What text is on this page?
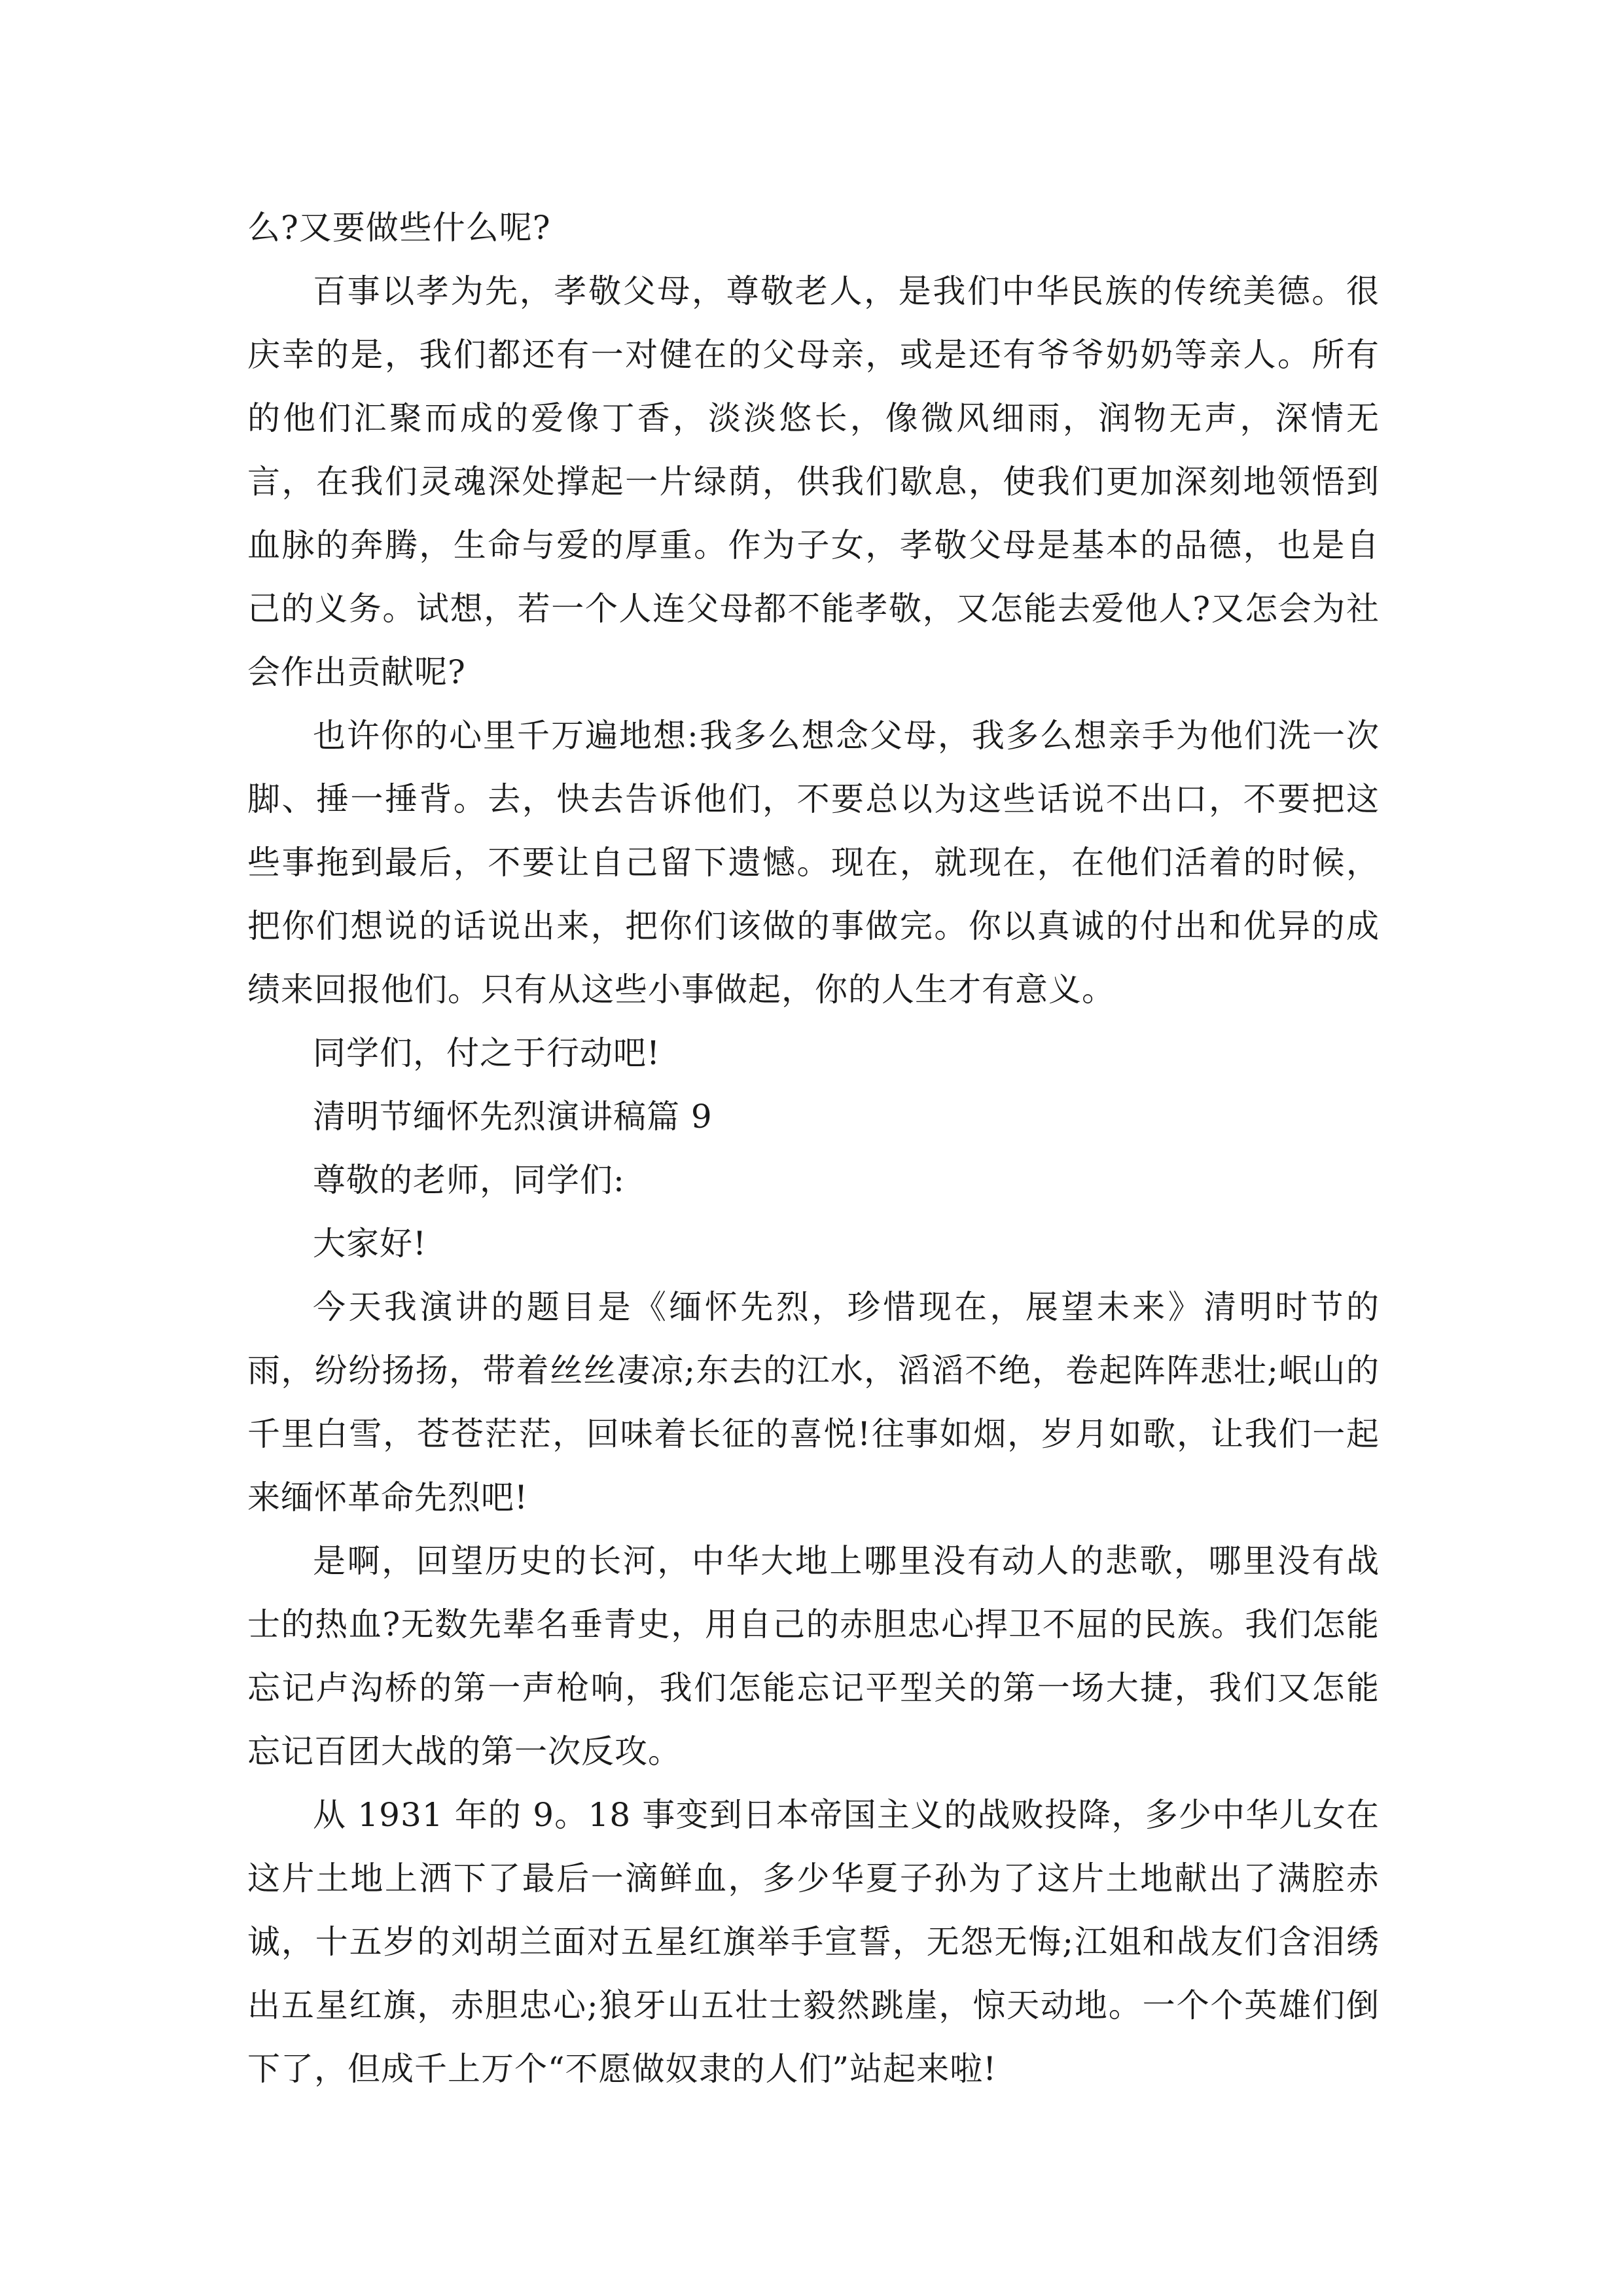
么?又要做些什么呢?

百事以孝为先，孝敬父母，尊敬老人，是我们中华民族的传统美德。很庆幸的是，我们都还有一对健在的父母亲，或是还有爷爷奶奶等亲人。所有的他们汇聚而成的爱像丁香，淡淡悠长，像微风细雨，润物无声，深情无言，在我们灵魂深处撑起一片绿荫，供我们歇息，使我们更加深刻地领悟到血脉的奔腾，生命与爱的厚重。作为子女，孝敬父母是基本的品德，也是自己的义务。试想，若一个人连父母都不能孝敬，又怎能去爱他人?又怎会为社会作出贡献呢?

也许你的心里千万遍地想:我多么想念父母，我多么想亲手为他们洗一次脚、捶一捶背。去，快去告诉他们，不要总以为这些话说不出口，不要把这些事拖到最后，不要让自己留下遗憾。现在，就现在，在他们活着的时候，把你们想说的话说出来，把你们该做的事做完。你以真诚的付出和优异的成绩来回报他们。只有从这些小事做起，你的人生才有意义。

同学们，付之于行动吧!

清明节缅怀先烈演讲稿篇 9

尊敬的老师，同学们:

大家好!

今天我演讲的题目是《缅怀先烈，珍惜现在，展望未来》清明时节的雨，纷纷扬扬，带着丝丝凄凉;东去的江水，滔滔不绝，卷起阵阵悲壮;岷山的千里白雪，苍苍茫茫，回味着长征的喜悦!往事如烟，岁月如歌，让我们一起来缅怀革命先烈吧!

是啊，回望历史的长河，中华大地上哪里没有动人的悲歌，哪里没有战士的热血?无数先辈名垂青史，用自己的赤胆忠心捍卫不屈的民族。我们怎能忘记卢沟桥的第一声枪响，我们怎能忘记平型关的第一场大捷，我们又怎能忘记百团大战的第一次反攻。

从 1931 年的 9。18 事变到日本帝国主义的战败投降，多少中华儿女在这片土地上洒下了最后一滴鲜血，多少华夏子孙为了这片土地献出了满腔赤诚，十五岁的刘胡兰面对五星红旗举手宣誓，无怨无悔;江姐和战友们含泪绣出五星红旗，赤胆忠心;狼牙山五壮士毅然跳崖，惊天动地。一个个英雄们倒下了，但成千上万个“不愿做奴隶的人们”站起来啦!
